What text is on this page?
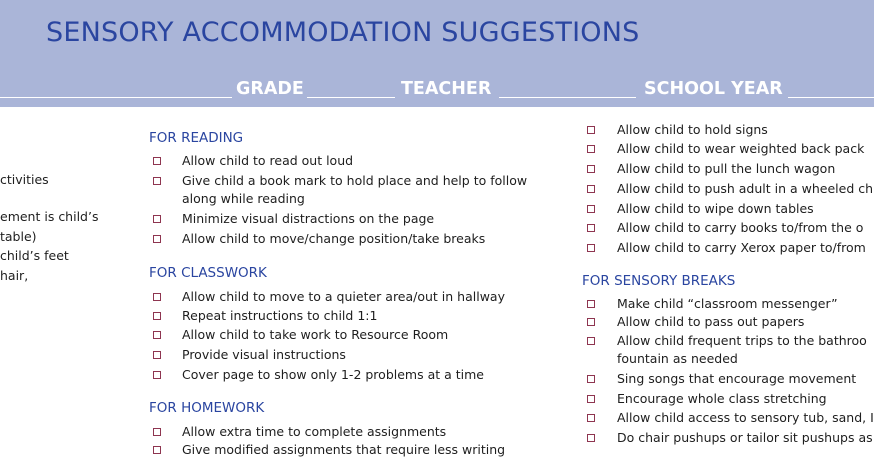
SENSORY ACCOMMODATION SUGGESTIONS
GRADE	TEACHER	SCHOOL YEAR
ctivities
ement is child’s
table)
child’s feet
hair,
FOR READING
Allow child to read out loud
Give child a book mark to hold place and help to follow
along while reading
Minimize visual distractions on the page
Allow child to move/change position/take breaks
FOR CLASSWORK
Allow child to move to a quieter area/out in hallway
Repeat instructions to child 1:1
Allow child to take work to Resource Room
Provide visual instructions
Cover page to show only 1-2 problems at a time
FOR HOMEWORK
Allow extra time to complete assignments
Give modified assignments that require less writing
Allow child to hold signs
Allow child to wear weighted back pack
Allow child to pull the lunch wagon
Allow child to push adult in a wheeled ch
Allow child to wipe down tables
Allow child to carry books to/from the o
Allow child to carry Xerox paper to/from
FOR SENSORY BREAKS
Make child “classroom messenger”
Allow child to pass out papers
Allow child frequent trips to the bathroo
fountain as needed
Sing songs that encourage movement
Encourage whole class stretching
Allow child access to sensory tub, sand, I
Do chair pushups or tailor sit pushups as
